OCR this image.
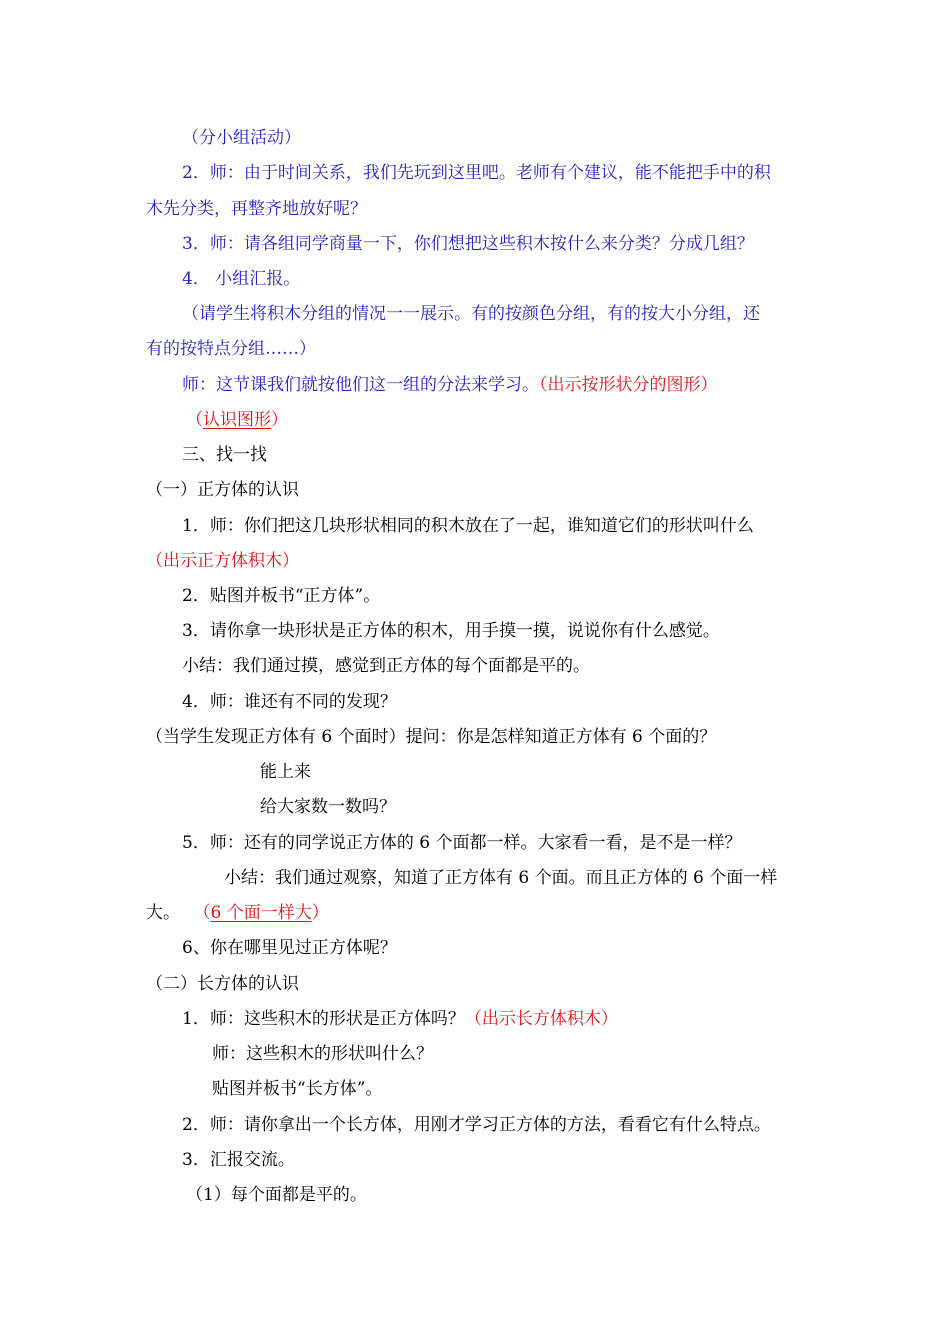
（分小组活动）
2．师：由于时间关系，我们先玩到这里吧。老师有个建议，能不能把手中的积
木先分类，再整齐地放好呢？
3．师：请各组同学商量一下，你们想把这些积木按什么来分类？分成几组？
4． 小组汇报。
（请学生将积木分组的情况一一展示。有的按颜色分组，有的按大小分组，还
有的按特点分组……）
师：这节课我们就按他们这一组的分法来学习。（出示按形状分的图形）
（认识图形）
三、找一找
（一）正方体的认识
1．师：你们把这几块形状相同的积木放在了一起，谁知道它们的形状叫什么
（出示正方体积木）
2．贴图并板书“正方体”。
3．请你拿一块形状是正方体的积木，用手摸一摸，说说你有什么感觉。
小结：我们通过摸，感觉到正方体的每个面都是平的。
4．师：谁还有不同的发现？
（当学生发现正方体有 6 个面时）提问：你是怎样知道正方体有 6 个面的？
能上来
给大家数一数吗？
5．师：还有的同学说正方体的 6 个面都一样。大家看一看，是不是一样？
小结：我们通过观察，知道了正方体有 6 个面。而且正方体的 6 个面一样
大。 （6 个面一样大）
6、你在哪里见过正方体呢？
（二）长方体的认识
1．师：这些积木的形状是正方体吗？（出示长方体积木）
师：这些积木的形状叫什么？
贴图并板书“长方体”。
2．师：请你拿出一个长方体，用刚才学习正方体的方法，看看它有什么特点。
3．汇报交流。
（1）每个面都是平的。
